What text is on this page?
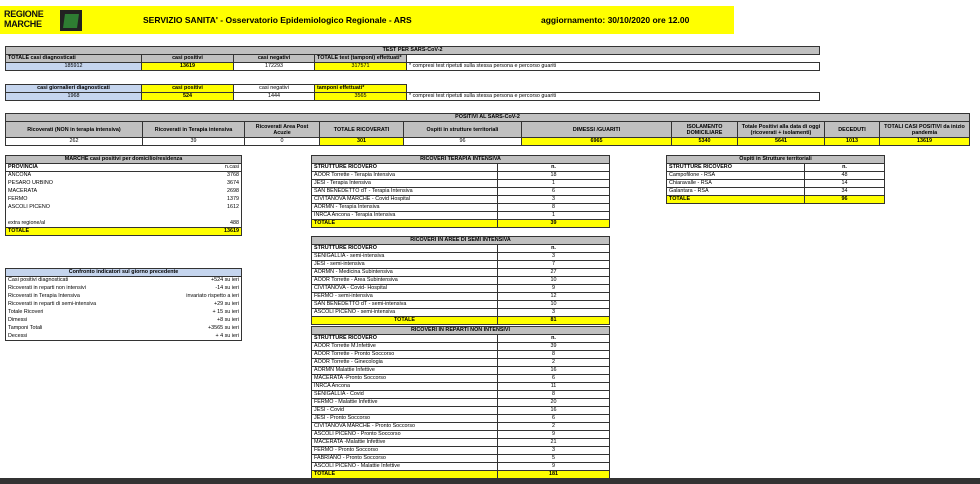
REGIONE
MARCHE	SERVIZIO SANITA' - Osservatorio Epidemiologico Regionale - ARS	aggiornamento: 30/10/2020 ore 12.00
TEST PER SARS-CoV-2				
TOTALE casi diagnosticati	casi positivi	casi negativi	TOTALE test (tamponi) effettuati*	
185912	13619	172293	317571	* compresi test ripetuti sulla stessa persona e percorso guariti
casi giornalieri diagnosticati	casi positivi	casi negativi	tamponi effettuati*	
1968	524	1444	3565	* compresi test ripetuti sulla stessa persona e percorso guariti
POSITIVI AL SARS-CoV-2									
Ricoverati (NON in terapia intensiva)	Ricoverati in Terapia intensiva	Ricoverati Area Post Acuzie	TOTALE RICOVERATI	Ospiti in strutture territoriali	DIMESSI /GUARITI	ISOLAMENTO DOMICILIARE	Totale Positivi alla data di oggi (ricoverati + isolamenti)	DECEDUTI	TOTALI CASI POSITIVI da inizio pandemia
262	39	0	301	96	6965	5340	5641	1013	13619
MARCHE casi positivi per domicilio/residenza	
PROVINCIA	n.casi
ANCONA	3768
PESARO URBINO	3674
MACERATA	2698
FERMO	1379
ASCOLI PICENO	1612

extra regione/al	488
TOTALE	13619
Confronto indicatori sul giorno precedente	
Casi positivi diagnosticati	+524 su ieri
Ricoverati in reparti non intensivi	-14 su ieri
Ricoverati in Terapia Intensiva	invariato rispetto a ieri
Ricoverati in reparti di semi-intensiva	+29 su ieri
Totale Ricoveri	+ 15 su ieri
Dimessi	+8 su ieri
Tamponi Totali	+3565 su ieri
Decessi	+ 4 su ieri
RICOVERI TERAPIA INTENSIVA	
STRUTTURE RICOVERO	n.
AOOR Torrette - Terapia Intensiva	18
JESI - Terapia Intensiva	1
SAN BENEDETTO dT - Terapia Intensiva	6
CIVITANOVA MARCHE - Covid Hospital	3
AORMN - Terapia Intensiva	8
INRCA Ancona - Terapia Intensiva	1
TOTALE	39
RICOVERI IN AREE DI SEMI INTENSIVA	
STRUTTURE RICOVERO	n.
SENIGALLIA - semi-intensiva	3
JESI - semi-intensiva	7
AORMN - Medicina Subintensiva	27
AOOR Torrette - Area Subintensiva	10
CIVITANOVA - Covid- Hospital	9
FERMO - semi-intensiva	12
SAN BENEDETTO dT - semi-intensiva	10
ASCOLI PICENO - semi-intensiva	3
TOTALE	81
RICOVERI IN REPARTI NON INTENSIVI	
STRUTTURE RICOVERO	n.
AOOR Torrette M.Infettive	39
AOOR Torrette - Pronto Soccorso	8
AOOR Torrette - Ginecologia	2
AORMN Malattie Infettive	16
MACERATA -Pronto Soccorso	6
INRCA Ancona	11
SENIGALLIA - Covid	8
FERMO - Malattie Infettive	20
JESI - Covid	16
JESI - Pronto Soccorso	6
CIVITANOVA MARCHE - Pronto Soccorso	2
ASCOLI PICENO - Pronto Soccorso	9
MACERATA -Malattie Infettive	21
FERMO - Pronto Soccorso	3
FABRIANO - Pronto Soccorso	5
ASCOLI PICENO - Malattie Infettive	9
TOTALE	181
Ospiti in Strutture territoriali	
STRUTTURE RICOVERO	n.
Campofilone - RSA	48
Chiaravalle - RSA	14
Galantara - RSA	34
TOTALE	96
